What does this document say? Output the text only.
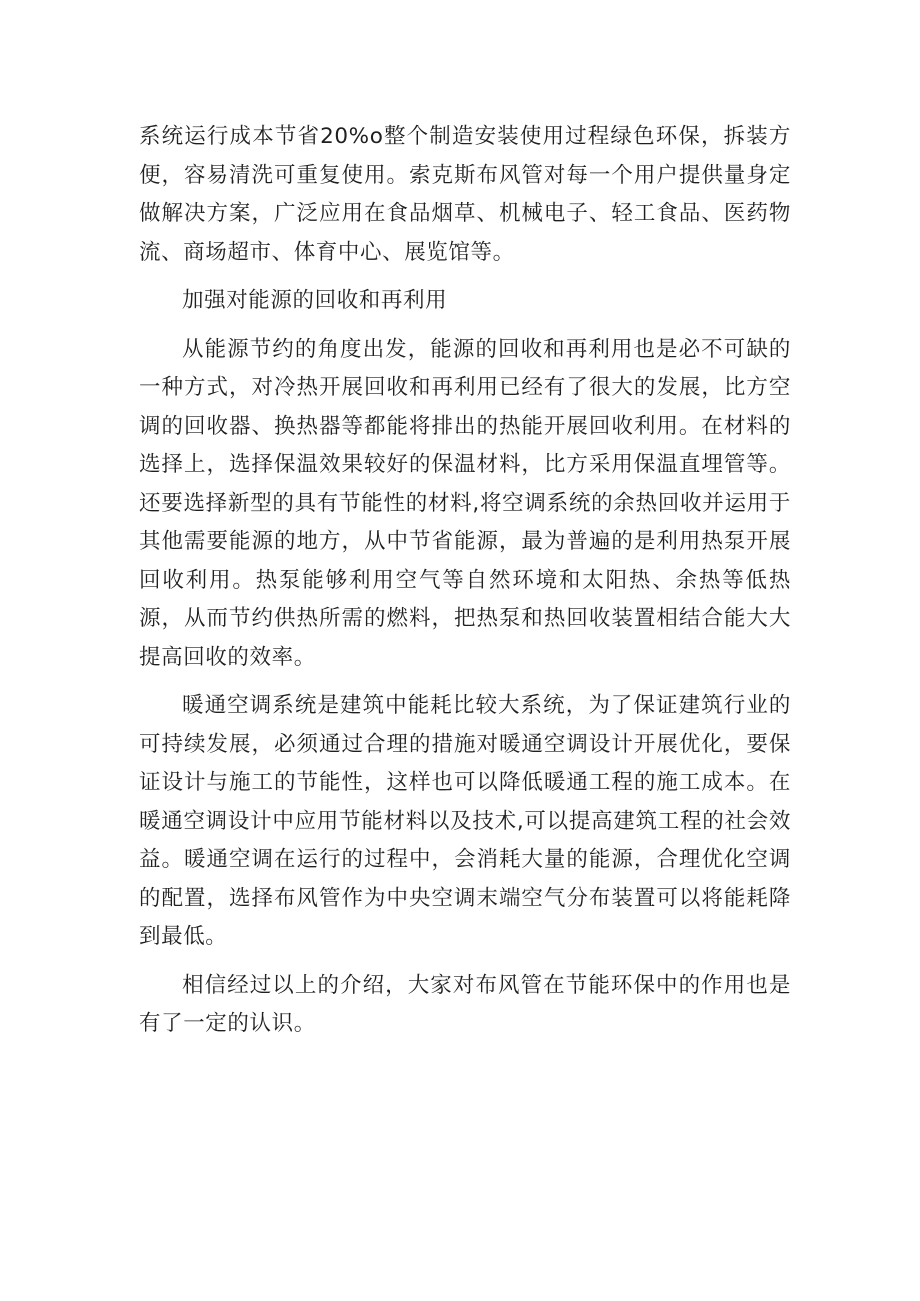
系统运行成本节省20%o整个制造安装使用过程绿色环保，拆装方便，容易清洗可重复使用。索克斯布风管对每一个用户提供量身定做解决方案，广泛应用在食品烟草、机械电子、轻工食品、医药物流、商场超市、体育中心、展览馆等。

加强对能源的回收和再利用

从能源节约的角度出发，能源的回收和再利用也是必不可缺的一种方式，对冷热开展回收和再利用已经有了很大的发展，比方空调的回收器、换热器等都能将排出的热能开展回收利用。在材料的选择上，选择保温效果较好的保温材料，比方采用保温直埋管等。还要选择新型的具有节能性的材料,将空调系统的余热回收并运用于其他需要能源的地方，从中节省能源，最为普遍的是利用热泵开展回收利用。热泵能够利用空气等自然环境和太阳热、余热等低热源，从而节约供热所需的燃料，把热泵和热回收装置相结合能大大提高回收的效率。

暖通空调系统是建筑中能耗比较大系统，为了保证建筑行业的可持续发展，必须通过合理的措施对暖通空调设计开展优化，要保证设计与施工的节能性，这样也可以降低暖通工程的施工成本。在暖通空调设计中应用节能材料以及技术,可以提高建筑工程的社会效益。暖通空调在运行的过程中，会消耗大量的能源，合理优化空调的配置，选择布风管作为中央空调末端空气分布装置可以将能耗降到最低。

相信经过以上的介绍，大家对布风管在节能环保中的作用也是有了一定的认识。
